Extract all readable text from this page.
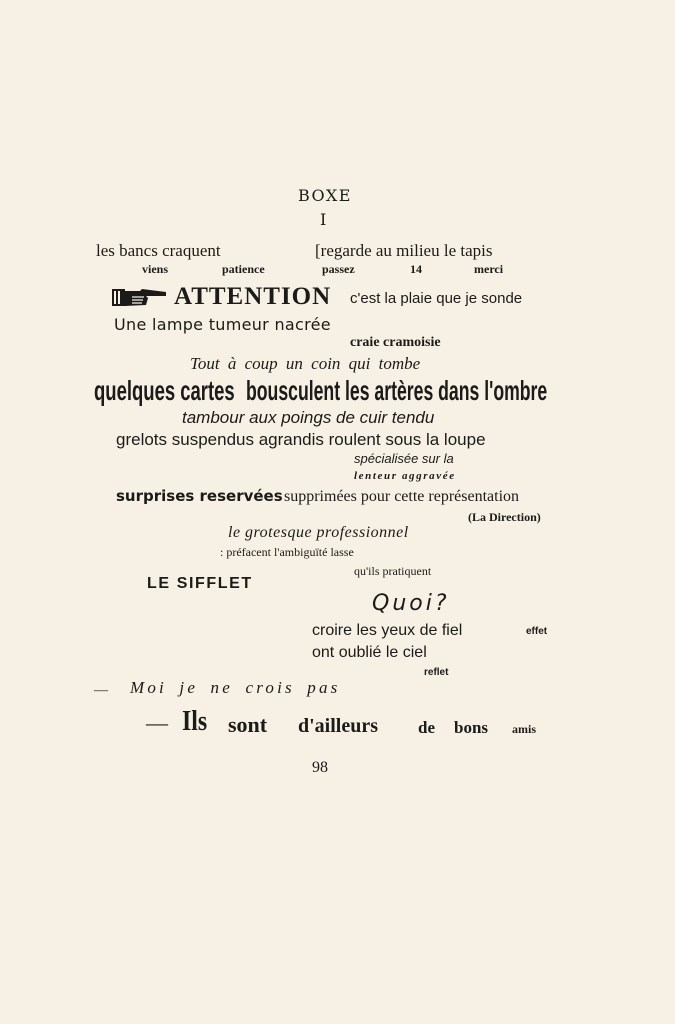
BOXE
I
les bancs craquent	[regarde au milieu le tapis
viens	patience	passez	14	merci
ATTENTION c'est la plaie que je sonde
Une lampe tumeur nacrée
craie cramoisie
Tout à coup un coin qui tombe
quelques cartes bousculent les artères dans l'ombre
tambour aux poings de cuir tendu
grelots suspendus agrandis roulent sous la loupe
spécialisée sur la
lenteur aggravée
surprises reservées supprimées pour cette représentation
(La Direction)
le grotesque professionnel
: préfacent l'ambiguïté lasse
qu'ils pratiquent
LE SIFFLET
Quoi?
croire les yeux de fiel	effet
ont oublié le ciel
reflet
— Moi je ne crois pas
— Ils sont d'ailleurs de bons amis
98
